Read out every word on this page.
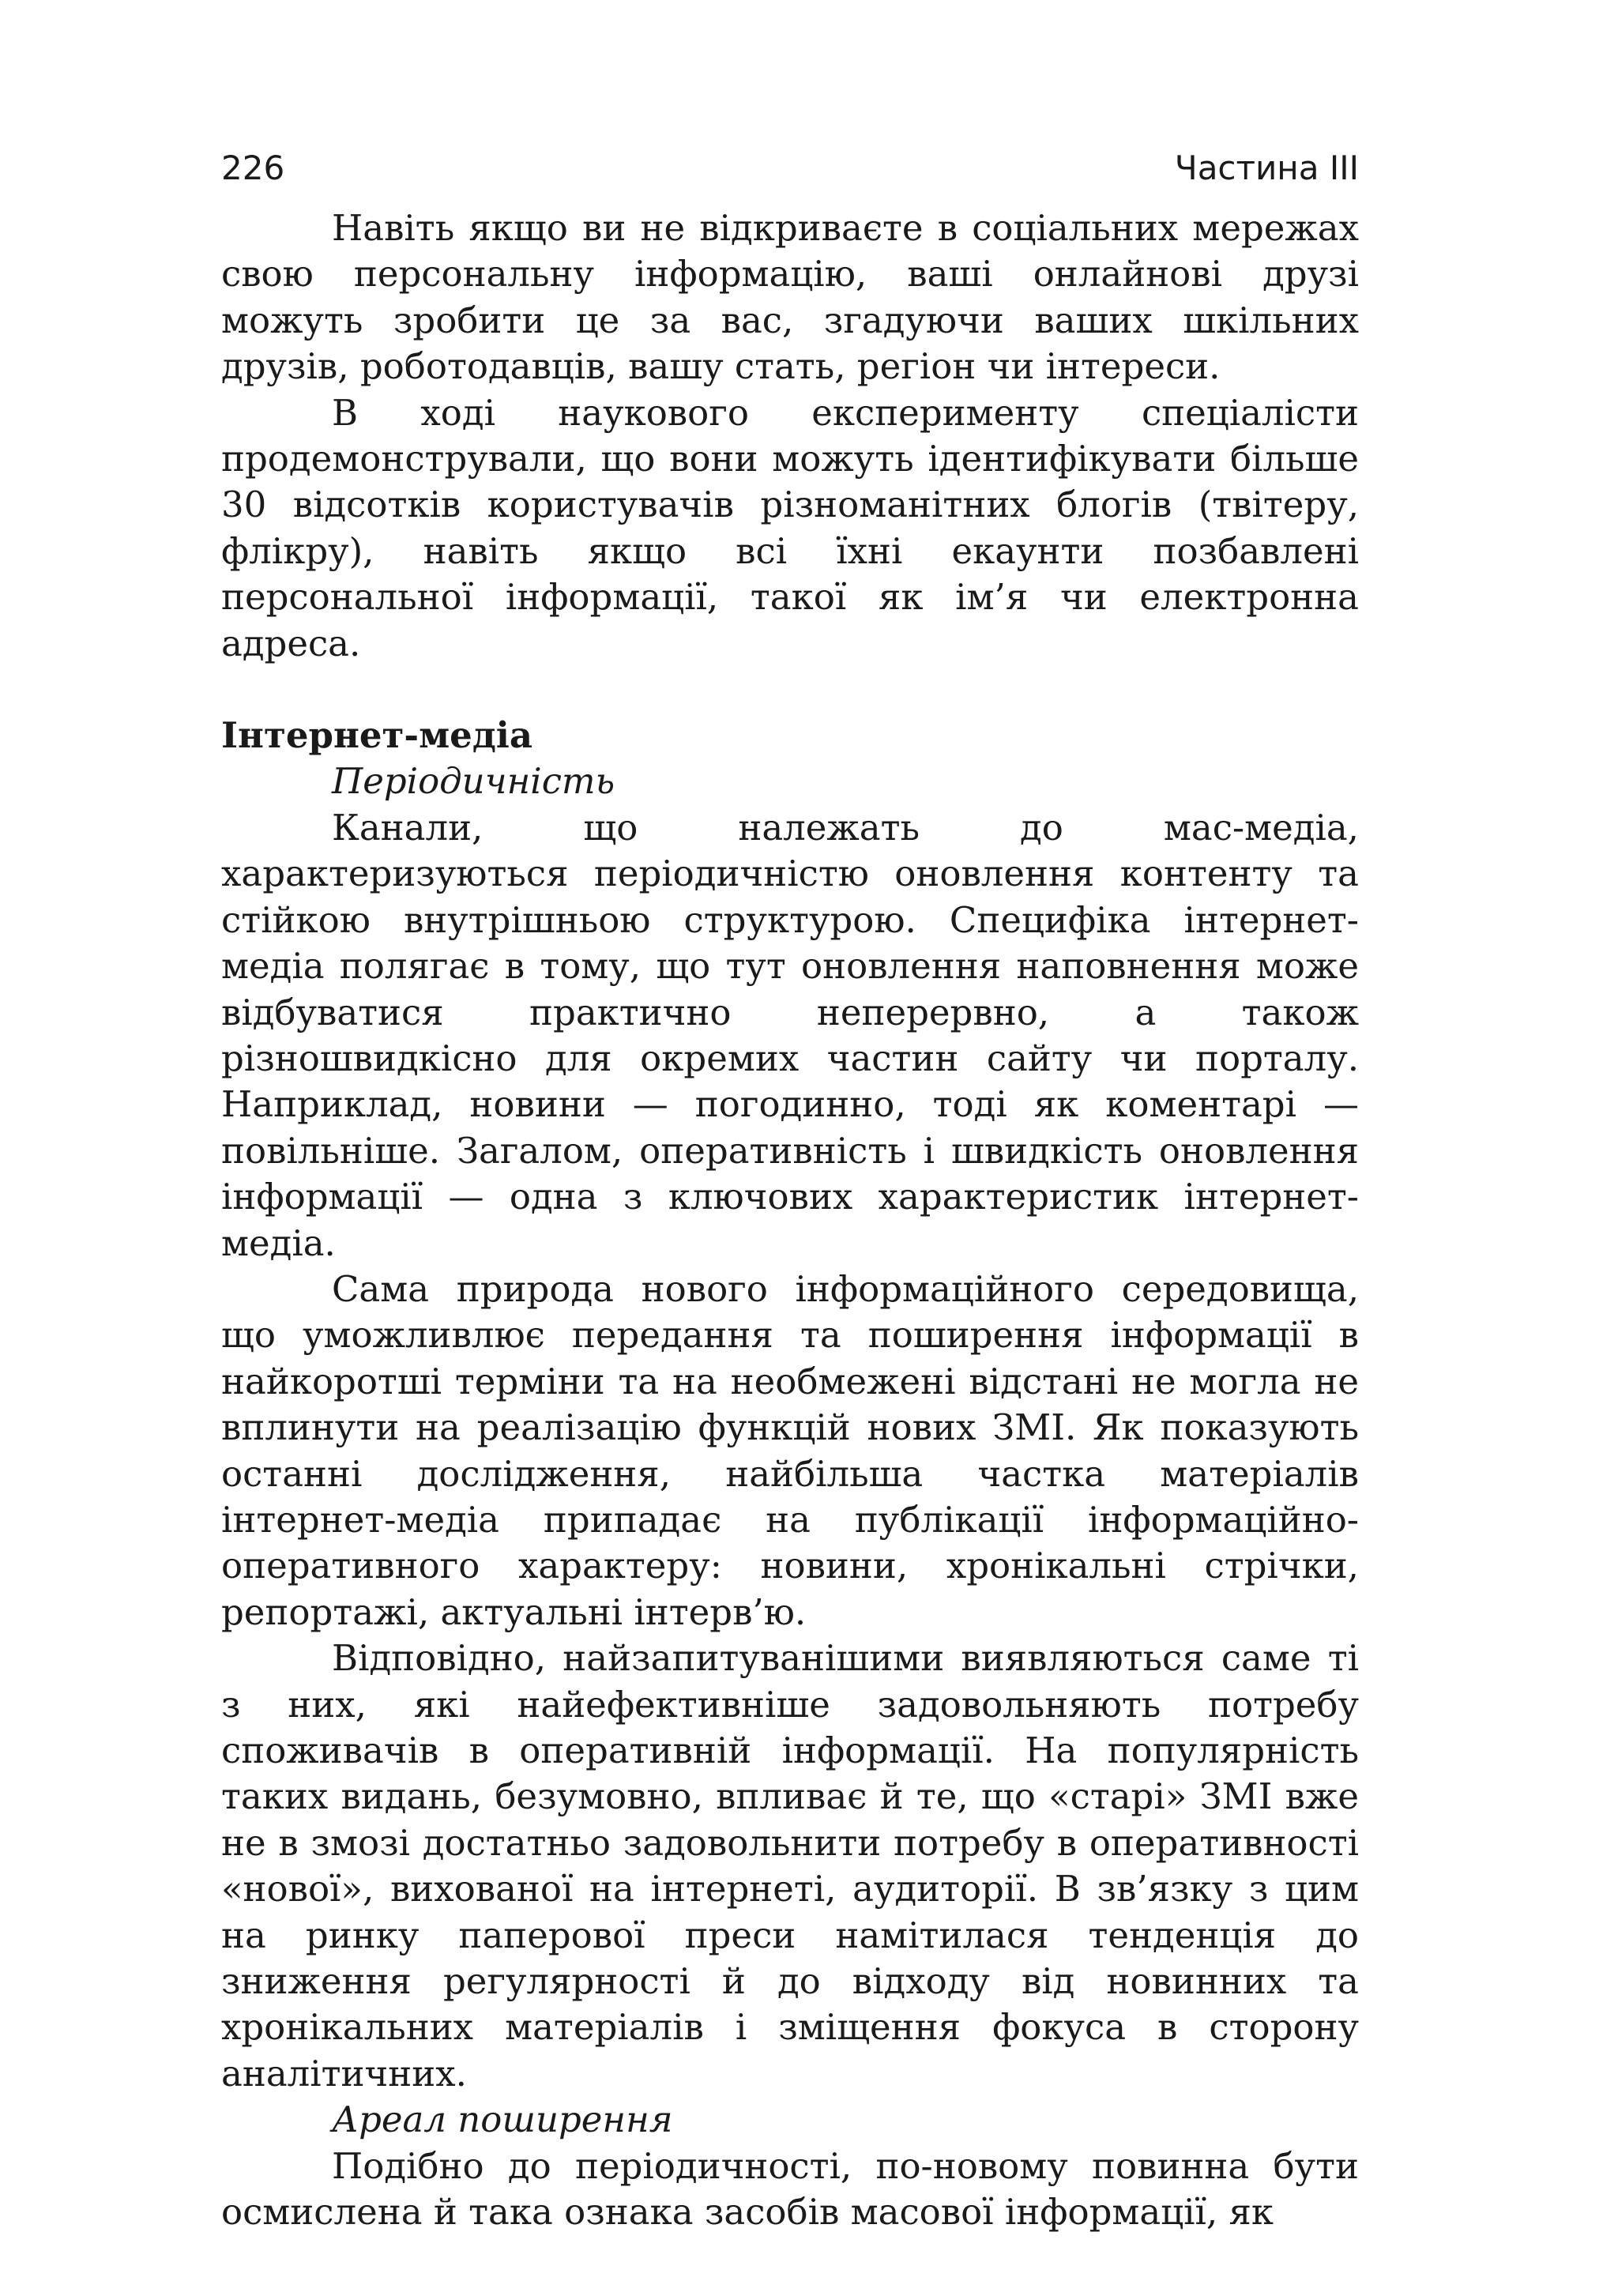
226	Частина ІІІ

Навіть якщо ви не відкриваєте в соціальних мережах свою персональну інформацію, ваші онлайнові друзі можуть зробити це за вас, згадуючи ваших шкільних друзів, роботодавців, вашу стать, регіон чи інтереси.

В ході наукового експерименту спеціалісти продемонстрували, що вони можуть ідентифікувати більше 30 відсотків користувачів різноманітних блогів (твітеру, флікру), навіть якщо всі їхні екаунти позбавлені персональної інформації, такої як ім’я чи електронна адреса.

Інтернет-медіа
Періодичність

Канали, що належать до мас-медіа, характеризуються періодичністю оновлення контенту та стійкою внутрішньою структурою. Специфіка інтернет-медіа полягає в тому, що тут оновлення наповнення може відбуватися практично неперервно, а також різношвидкісно для окремих частин сайту чи порталу. Наприклад, новини — погодинно, тоді як коментарі — повільніше. Загалом, оперативність і швидкість оновлення інформації — одна з ключових характеристик інтернет-медіа.

Сама природа нового інформаційного середовища, що уможливлює передання та поширення інформації в найкоротші терміни та на необмежені відстані не могла не вплинути на реалізацію функцій нових ЗМІ. Як показують останні дослідження, найбільша частка матеріалів інтернет-медіа припадає на публікації інформаційно-оперативного характеру: новини, хронікальні стрічки, репортажі, актуальні інтерв’ю.

Відповідно, найзапитуванішими виявляються саме ті з них, які найефективніше задовольняють потребу споживачів в оперативній інформації. На популярність таких видань, безумовно, впливає й те, що «старі» ЗМІ вже не в змозі достатньо задовольнити потребу в оперативності «нової», вихованої на інтернеті, аудиторії. В зв’язку з цим на ринку паперової преси намітилася тенденція до зниження регулярності й до відходу від новинних та хронікальних матеріалів і зміщення фокуса в сторону аналітичних.

Ареал поширення

Подібно до періодичності, по-новому повинна бути осмислена й така ознака засобів масової інформації, як
